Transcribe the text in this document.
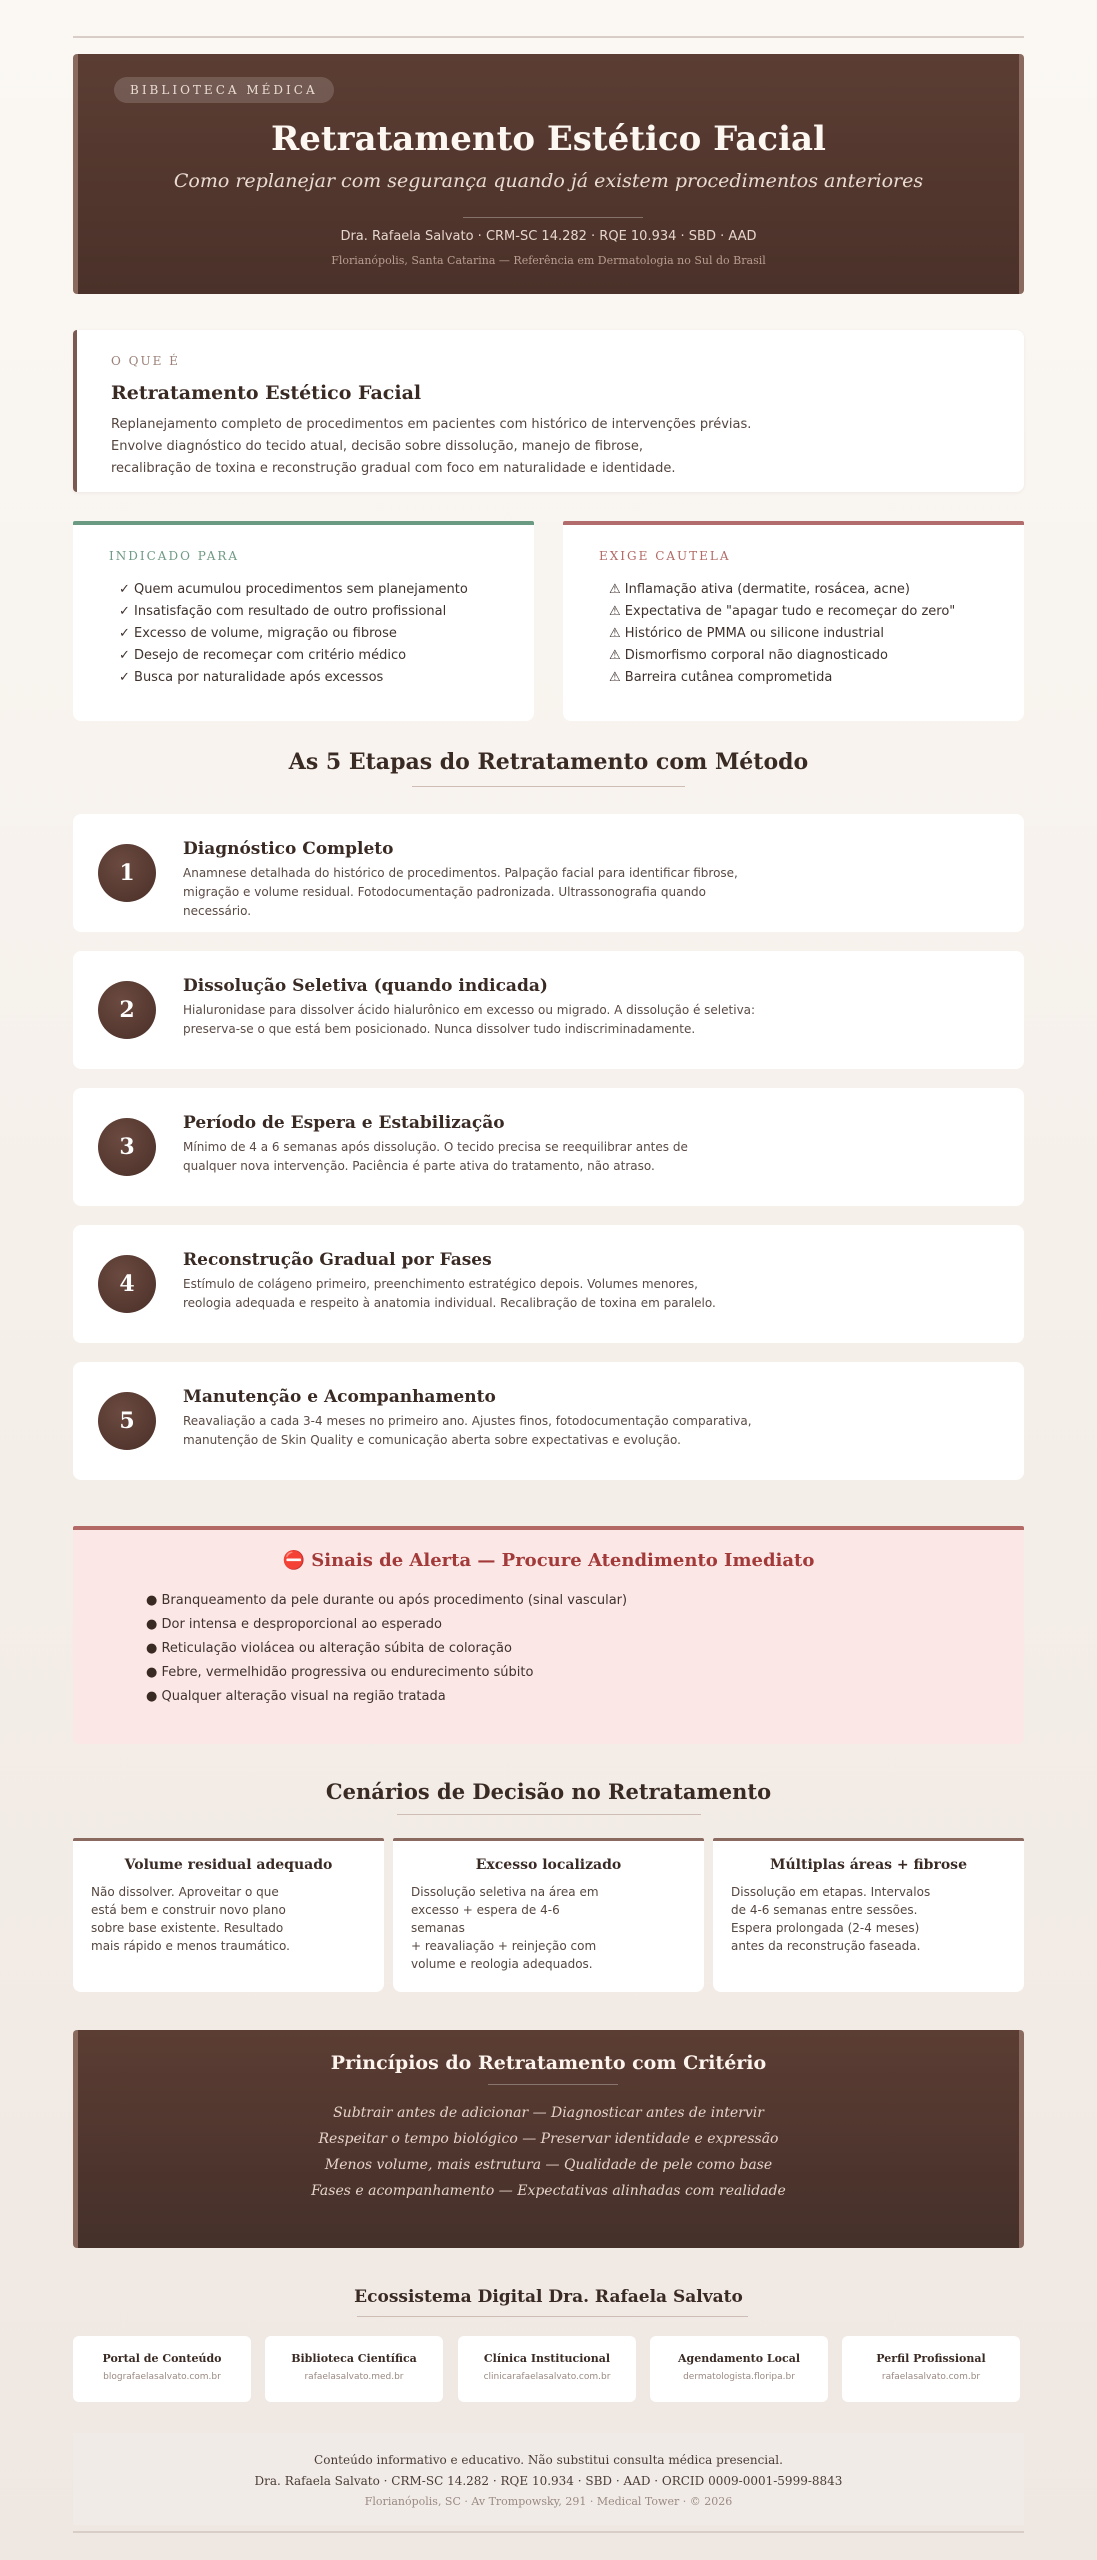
BIBLIOTECA MÉDICA
Retratamento Estético Facial
Como replanejar com segurança quando já existem procedimentos anteriores
Dra. Rafaela Salvato · CRM-SC 14.282 · RQE 10.934 · SBD · AAD
Florianópolis, Santa Catarina — Referência em Dermatologia no Sul do Brasil
O QUE É
Retratamento Estético Facial

Replanejamento completo de procedimentos em pacientes com histórico de intervenções prévias.
Envolve diagnóstico do tecido atual, decisão sobre dissolução, manejo de fibrose,
recalibração de toxina e reconstrução gradual com foco em naturalidade e identidade.

INDICADO PARA
✓ Quem acumulou procedimentos sem planejamento
✓ Insatisfação com resultado de outro profissional
✓ Excesso de volume, migração ou fibrose
✓ Desejo de recomeçar com critério médico
✓ Busca por naturalidade após excessos
EXIGE CAUTELA
⚠ Inflamação ativa (dermatite, rosácea, acne)
⚠ Expectativa de "apagar tudo e recomeçar do zero"
⚠ Histórico de PMMA ou silicone industrial
⚠ Dismorfismo corporal não diagnosticado
⚠ Barreira cutânea comprometida
As 5 Etapas do Retratamento com Método
1
Diagnóstico Completo

Anamnese detalhada do histórico de procedimentos. Palpação facial para identificar fibrose,
migração e volume residual. Fotodocumentação padronizada. Ultrassonografia quando necessário.

2
Dissolução Seletiva (quando indicada)

Hialuronidase para dissolver ácido hialurônico em excesso ou migrado. A dissolução é seletiva:
preserva-se o que está bem posicionado. Nunca dissolver tudo indiscriminadamente.

3
Período de Espera e Estabilização

Mínimo de 4 a 6 semanas após dissolução. O tecido precisa se reequilibrar antes de
qualquer nova intervenção. Paciência é parte ativa do tratamento, não atraso.

4
Reconstrução Gradual por Fases

Estímulo de colágeno primeiro, preenchimento estratégico depois. Volumes menores,
reologia adequada e respeito à anatomia individual. Recalibração de toxina em paralelo.

5
Manutenção e Acompanhamento

Reavaliação a cada 3-4 meses no primeiro ano. Ajustes finos, fotodocumentação comparativa,
manutenção de Skin Quality e comunicação aberta sobre expectativas e evolução.

⛔ Sinais de Alerta — Procure Atendimento Imediato
● Branqueamento da pele durante ou após procedimento (sinal vascular)
● Dor intensa e desproporcional ao esperado
● Reticulação violácea ou alteração súbita de coloração
● Febre, vermelhidão progressiva ou endurecimento súbito
● Qualquer alteração visual na região tratada
Cenários de Decisão no Retratamento
Volume residual adequado

Não dissolver. Aproveitar o que
está bem e construir novo plano
sobre base existente. Resultado
mais rápido e menos traumático.

Excesso localizado

Dissolução seletiva na área em
excesso + espera de 4-6 semanas
+ reavaliação + reinjeção com
volume e reologia adequados.

Múltiplas áreas + fibrose

Dissolução em etapas. Intervalos
de 4-6 semanas entre sessões.
Espera prolongada (2-4 meses)
antes da reconstrução faseada.

Princípios do Retratamento com Critério
Subtrair antes de adicionar — Diagnosticar antes de intervir
Respeitar o tempo biológico — Preservar identidade e expressão
Menos volume, mais estrutura — Qualidade de pele como base
Fases e acompanhamento — Expectativas alinhadas com realidade
Ecossistema Digital Dra. Rafaela Salvato
Portal de Conteúdo
blografaelasalvato.com.br
Biblioteca Científica
rafaelasalvato.med.br
Clínica Institucional
clinicarafaelasalvato.com.br
Agendamento Local
dermatologista.floripa.br
Perfil Profissional
rafaelasalvato.com.br
Conteúdo informativo e educativo. Não substitui consulta médica presencial.
Dra. Rafaela Salvato · CRM-SC 14.282 · RQE 10.934 · SBD · AAD · ORCID 0009-0001-5999-8843
Florianópolis, SC · Av Trompowsky, 291 · Medical Tower · © 2026
